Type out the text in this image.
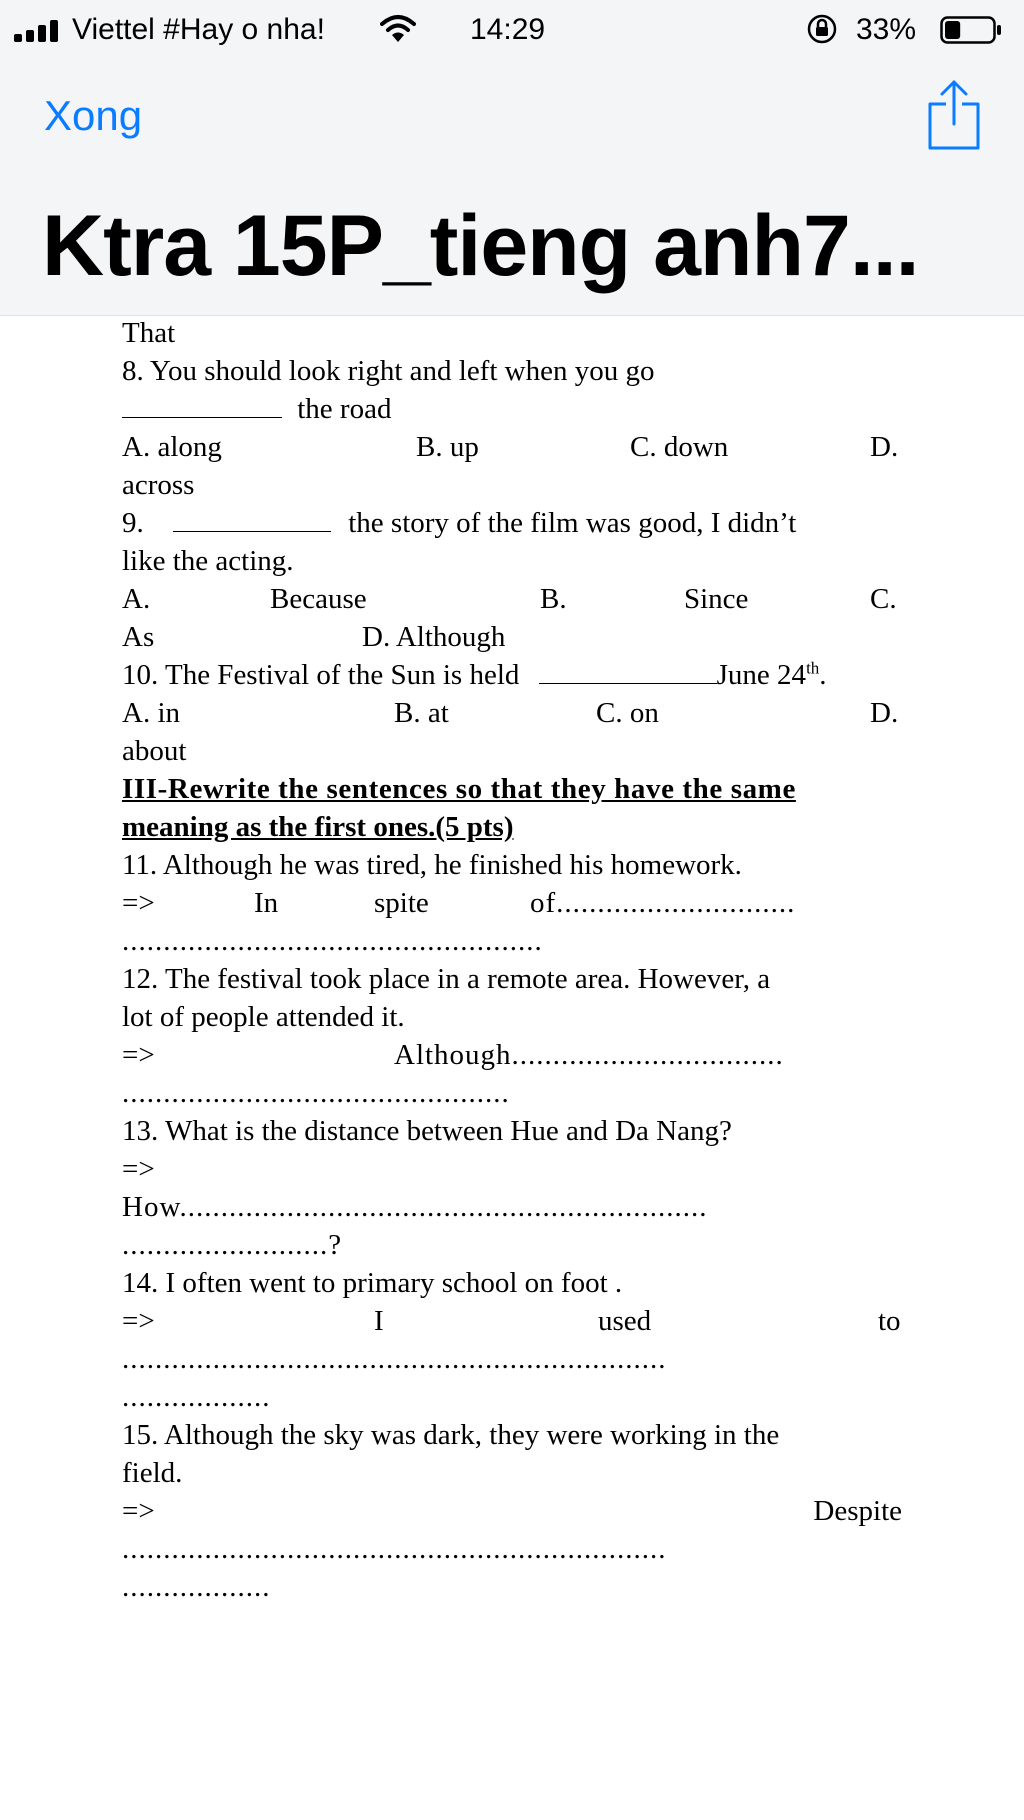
Viettel #Hay o nha!	14:29	33%
Xong
Ktra 15P_tieng anh7...
That
8. You should look right and left when you go
the road
A. along	B. up	C. down	D.
across
9.	the story of the film was good, I didn’t
like the acting.
A.	Because	B.	Since	C.
As	D. Although
10. The Festival of the Sun is held	June 24th.
A. in	B. at	C. on	D.
about
III-Rewrite the sentences so that they have the same
meaning as the first ones.(5 pts)
11. Although he was tired, he finished his homework.
=>	In	spite	of.............................
...................................................
12. The festival took place in a remote area. However, a
lot of people attended it.
=>	Although.................................
...............................................
13. What is the distance between Hue and Da Nang?
=>
How................................................................
.........................?
14. I often went to primary school on foot .
=>	I	used	to
..................................................................
..................
15. Although the sky was dark, they were working in the
field.
=>	Despite
..................................................................
..................
